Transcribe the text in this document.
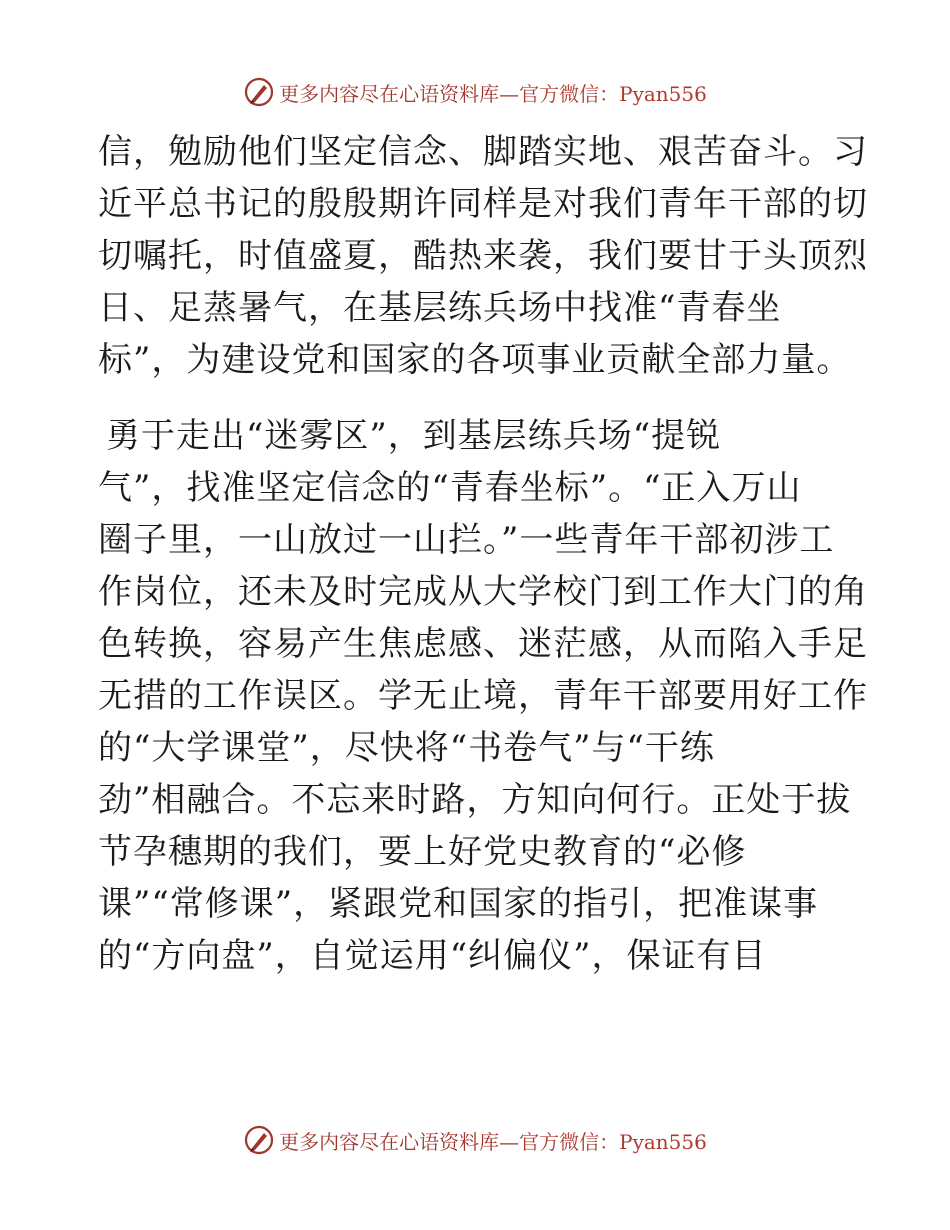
更多内容尽在心语资料库—官方微信：Pyan556
信，勉励他们坚定信念、脚踏实地、艰苦奋斗。习
近平总书记的殷殷期许同样是对我们青年干部的切
切嘱托，时值盛夏，酷热来袭，我们要甘于头顶烈
日、足蒸暑气，在基层练兵场中找准“青春坐
标”，为建设党和国家的各项事业贡献全部力量。
勇于走出“迷雾区”，到基层练兵场“提锐
气”，找准坚定信念的“青春坐标”。“正入万山
圈子里，一山放过一山拦。”一些青年干部初涉工
作岗位，还未及时完成从大学校门到工作大门的角
色转换，容易产生焦虑感、迷茫感，从而陷入手足
无措的工作误区。学无止境，青年干部要用好工作
的“大学课堂”，尽快将“书卷气”与“干练
劲”相融合。不忘来时路，方知向何行。正处于拔
节孕穗期的我们，要上好党史教育的“必修
课”“常修课”，紧跟党和国家的指引，把准谋事
的“方向盘”，自觉运用“纠偏仪”，保证有目
更多内容尽在心语资料库—官方微信：Pyan556
